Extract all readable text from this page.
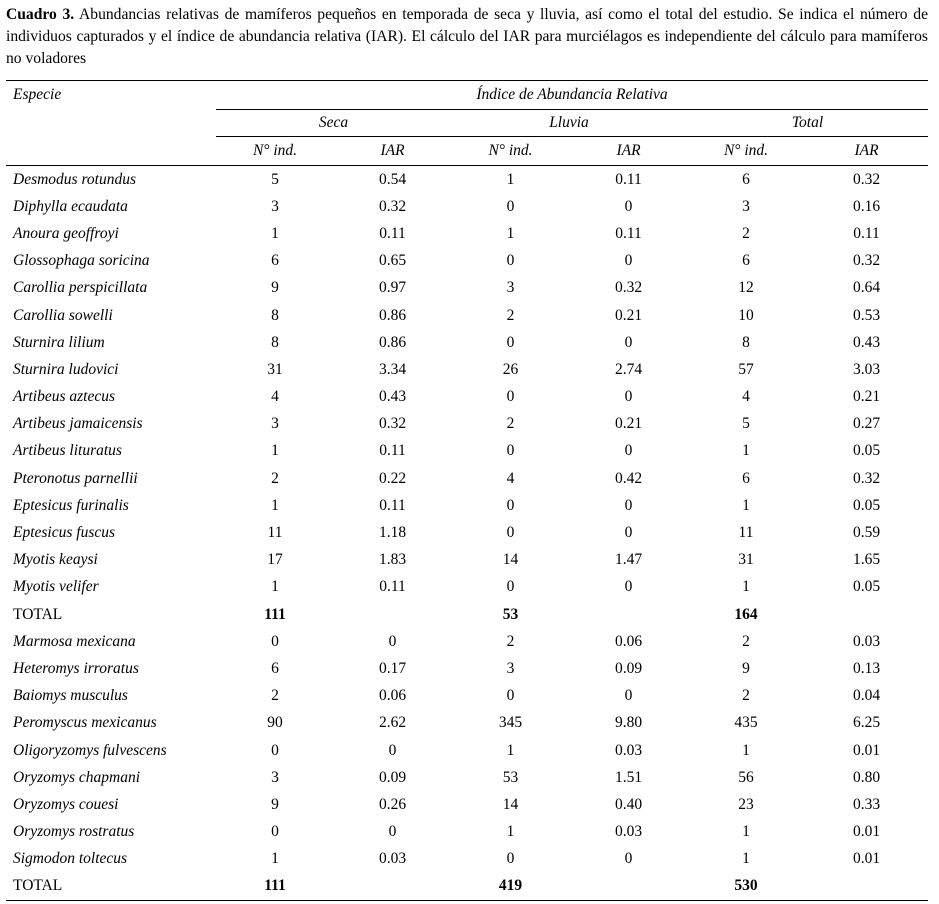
Cuadro 3. Abundancias relativas de mamíferos pequeños en temporada de seca y lluvia, así como el total del estudio. Se indica el número de individuos capturados y el índice de abundancia relativa (IAR). El cálculo del IAR para murciélagos es independiente del cálculo para mamíferos no voladores
Especie	Índice de Abundancia Relativa					
	Seca		Lluvia		Total	
	N° ind.	IAR	N° ind.	IAR	N° ind.	IAR
Desmodus rotundus	5	0.54	1	0.11	6	0.32
Diphylla ecaudata	3	0.32	0	0	3	0.16
Anoura geoffroyi	1	0.11	1	0.11	2	0.11
Glossophaga soricina	6	0.65	0	0	6	0.32
Carollia perspicillata	9	0.97	3	0.32	12	0.64
Carollia sowelli	8	0.86	2	0.21	10	0.53
Sturnira lilium	8	0.86	0	0	8	0.43
Sturnira ludovici	31	3.34	26	2.74	57	3.03
Artibeus aztecus	4	0.43	0	0	4	0.21
Artibeus jamaicensis	3	0.32	2	0.21	5	0.27
Artibeus lituratus	1	0.11	0	0	1	0.05
Pteronotus parnellii	2	0.22	4	0.42	6	0.32
Eptesicus furinalis	1	0.11	0	0	1	0.05
Eptesicus fuscus	11	1.18	0	0	11	0.59
Myotis keaysi	17	1.83	14	1.47	31	1.65
Myotis velifer	1	0.11	0	0	1	0.05
TOTAL	111		53		164	
Marmosa mexicana	0	0	2	0.06	2	0.03
Heteromys irroratus	6	0.17	3	0.09	9	0.13
Baiomys musculus	2	0.06	0	0	2	0.04
Peromyscus mexicanus	90	2.62	345	9.80	435	6.25
Oligoryzomys fulvescens	0	0	1	0.03	1	0.01
Oryzomys chapmani	3	0.09	53	1.51	56	0.80
Oryzomys couesi	9	0.26	14	0.40	23	0.33
Oryzomys rostratus	0	0	1	0.03	1	0.01
Sigmodon toltecus	1	0.03	0	0	1	0.01
TOTAL	111		419		530	
